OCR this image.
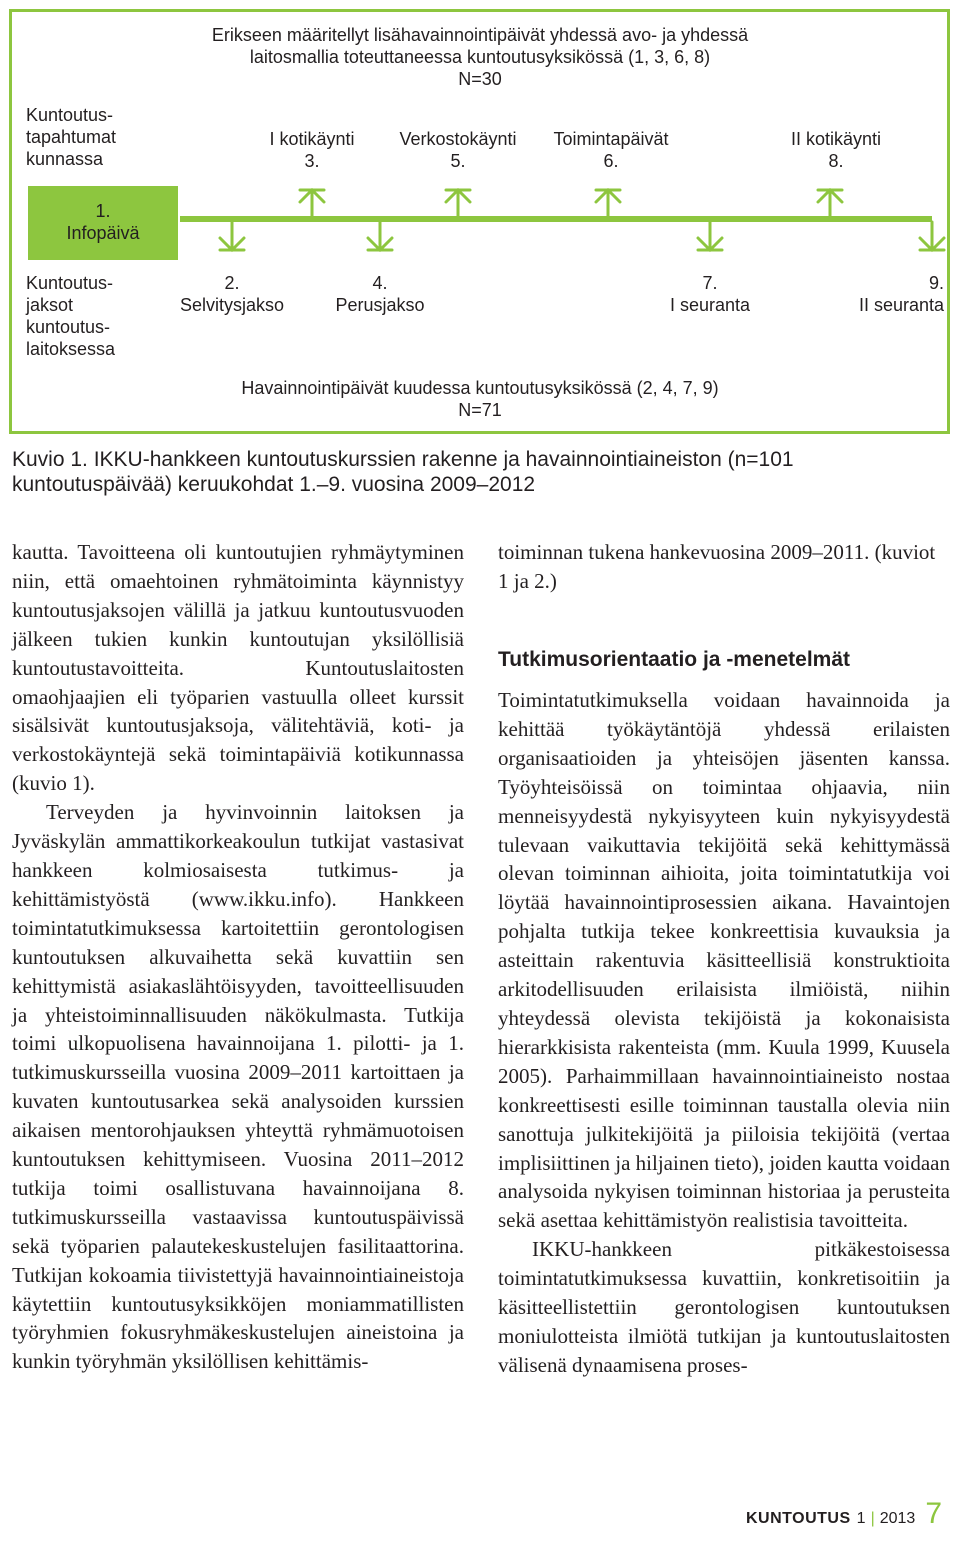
Erikseen määritellyt lisähavainnointipäivät yhdessä avo- ja yhdessä
laitosmallia toteuttaneessa kuntoutusyksikössä (1, 3, 6, 8)
N=30
Kuntoutus-
tapahtumat
kunnassa
I kotikäynti
3.
Verkostokäynti
5.
Toimintapäivät
6.
II kotikäynti
8.
1.
Infopäivä
Kuntoutus-
jaksot
kuntoutus-
laitoksessa
2.
Selvitysjakso
4.
Perusjakso
7.
I seuranta
9.
II seuranta
Havainnointipäivät kuudessa kuntoutusyksikössä (2, 4, 7, 9)
N=71
Kuvio 1. IKKU-hankkeen kuntoutuskurssien rakenne ja havainnointiaineiston (n=101
kuntoutuspäivää) keruukohdat 1.–9. vuosina 2009–2012

kautta. Tavoitteena oli kuntoutujien ryhmäytyminen niin, että omaehtoinen ryhmätoiminta käynnistyy kuntoutusjaksojen välillä ja jatkuu kuntoutusvuoden jälkeen tukien kunkin kuntoutujan yksilöllisiä kuntoutustavoitteita. Kuntoutuslaitosten omaohjaajien eli työparien vastuulla olleet kurssit sisälsivät kuntoutusjaksoja, välitehtäviä, koti- ja verkostokäyntejä sekä toimintapäiviä kotikunnassa (kuvio 1).

Terveyden ja hyvinvoinnin laitoksen ja Jyväskylän ammattikorkeakoulun tutkijat vastasivat hankkeen kolmiosaisesta tutkimus- ja kehittämistyöstä (www.ikku.info). Hankkeen toimintatutkimuksessa kartoitettiin gerontologisen kuntoutuksen alkuvaihetta sekä kuvattiin sen kehittymistä asiakaslähtöisyyden, tavoitteellisuuden ja yhteistoiminnallisuuden näkökulmasta. Tutkija toimi ulkopuolisena havainnoijana 1. pilotti- ja 1. tutkimuskursseilla vuosina 2009–2011 kartoittaen ja kuvaten kuntoutusarkea sekä analysoiden kurssien aikaisen mentorohjauksen yhteyttä ryhmämuotoisen kuntoutuksen kehittymiseen. Vuosina 2011–2012 tutkija toimi osallistuvana havainnoijana 8. tutkimuskursseilla vastaavissa kuntoutuspäivissä sekä työparien palautekeskustelujen fasilitaattorina. Tutkijan kokoamia tiivistettyjä havainnointiaineistoja käytettiin kuntoutusyksikköjen moniammatillisten työryhmien fokusryhmäkeskustelujen aineistoina ja kunkin työryhmän yksilöllisen kehittämis-

toiminnan tukena hankevuosina 2009–2011. (kuviot 1 ja 2.)

Tutkimusorientaatio ja -menetelmät

Toimintatutkimuksella voidaan havainnoida ja kehittää työkäytäntöjä yhdessä erilaisten organisaatioiden ja yhteisöjen jäsenten kanssa. Työyhteisöissä on toimintaa ohjaavia, niin menneisyydestä nykyisyyteen kuin nykyisyydestä tulevaan vaikuttavia tekijöitä sekä kehittymässä olevan toiminnan aihioita, joita toimintatutkija voi löytää havainnointiprosessien aikana. Havaintojen pohjalta tutkija tekee konkreettisia kuvauksia ja asteittain rakentuvia käsitteellisiä konstruktioita arkitodellisuuden erilaisista ilmiöistä, niihin yhteydessä olevista tekijöistä ja kokonaisista hierarkkisista rakenteista (mm. Kuula 1999, Kuusela 2005). Parhaimmillaan havainnointiaineisto nostaa konkreettisesti esille toiminnan taustalla olevia niin sanottuja julkitekijöitä ja piiloisia tekijöitä (vertaa implisiittinen ja hiljainen tieto), joiden kautta voidaan analysoida nykyisen toiminnan historiaa ja perusteita sekä asettaa kehittämistyön realistisia tavoitteita.

IKKU-hankkeen pitkäkestoisessa toimintatutkimuksessa kuvattiin, konkretisoitiin ja käsitteellistettiin gerontologisen kuntoutuksen moniulotteista ilmiötä tutkijan ja kuntoutuslaitosten välisenä dynaamisena proses-

KUNTOUTUS 1 | 2013 7
